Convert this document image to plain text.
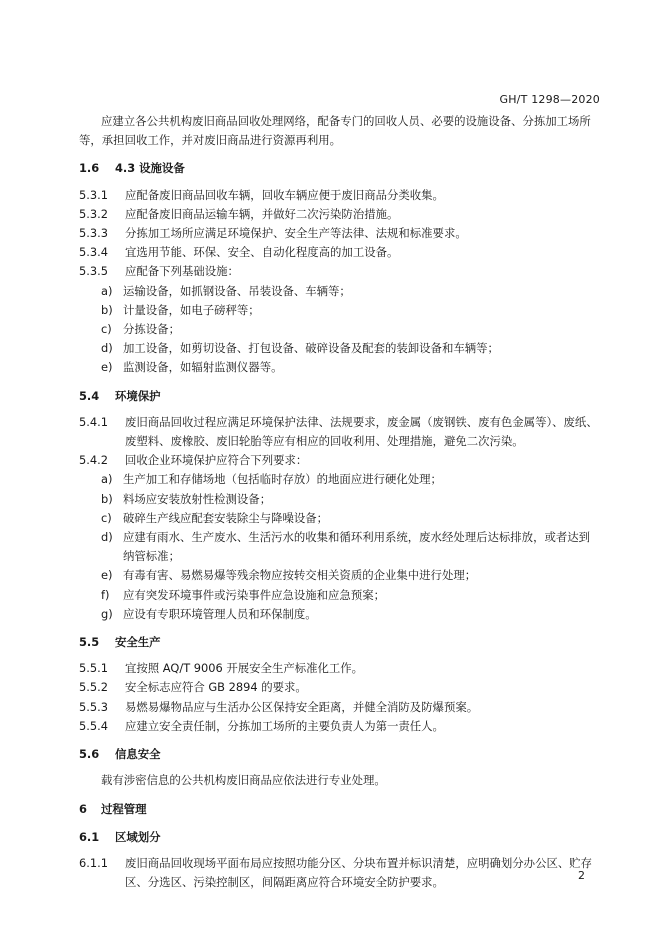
GH/T 1298—2020

应建立各公共机构废旧商品回收处理网络，配备专门的回收人员、必要的设施设备、分拣加工场所等，承担回收工作，并对废旧商品进行资源再利用。

1.6	4.3 设施设备
5.3.1	应配备废旧商品回收车辆，回收车辆应便于废旧商品分类收集。
5.3.2	应配备废旧商品运输车辆，并做好二次污染防治措施。
5.3.3	分拣加工场所应满足环境保护、安全生产等法律、法规和标准要求。
5.3.4	宜选用节能、环保、安全、自动化程度高的加工设备。
5.3.5	应配备下列基础设施：
a) 运输设备，如抓钢设备、吊装设备、车辆等；
b) 计量设备，如电子磅秤等；
c) 分拣设备；
d) 加工设备，如剪切设备、打包设备、破碎设备及配套的装卸设备和车辆等；
e) 监测设备，如辐射监测仪器等。
5.4	环境保护
5.4.1	废旧商品回收过程应满足环境保护法律、法规要求，废金属（废钢铁、废有色金属等）、废纸、废塑料、废橡胶、废旧轮胎等应有相应的回收利用、处理措施，避免二次污染。
5.4.2	回收企业环境保护应符合下列要求：
a) 生产加工和存储场地（包括临时存放）的地面应进行硬化处理；
b) 料场应安装放射性检测设备；
c) 破碎生产线应配套安装除尘与降噪设备；
d) 应建有雨水、生产废水、生活污水的收集和循环利用系统，废水经处理后达标排放，或者达到纳管标准；
e) 有毒有害、易燃易爆等残余物应按转交相关资质的企业集中进行处理；
f)	应有突发环境事件或污染事件应急设施和应急预案；
g) 应设有专职环境管理人员和环保制度。
5.5	安全生产
5.5.1	宜按照 AQ/T 9006 开展安全生产标准化工作。
5.5.2	安全标志应符合 GB 2894 的要求。
5.5.3	易燃易爆物品应与生活办公区保持安全距离，并健全消防及防爆预案。
5.5.4	应建立安全责任制，分拣加工场所的主要负责人为第一责任人。
5.6	信息安全

载有涉密信息的公共机构废旧商品应依法进行专业处理。

6	过程管理
6.1	区域划分
6.1.1	废旧商品回收现场平面布局应按照功能分区、分块布置并标识清楚，应明确划分办公区、贮存区、分选区、污染控制区，间隔距离应符合环境安全防护要求。	2
